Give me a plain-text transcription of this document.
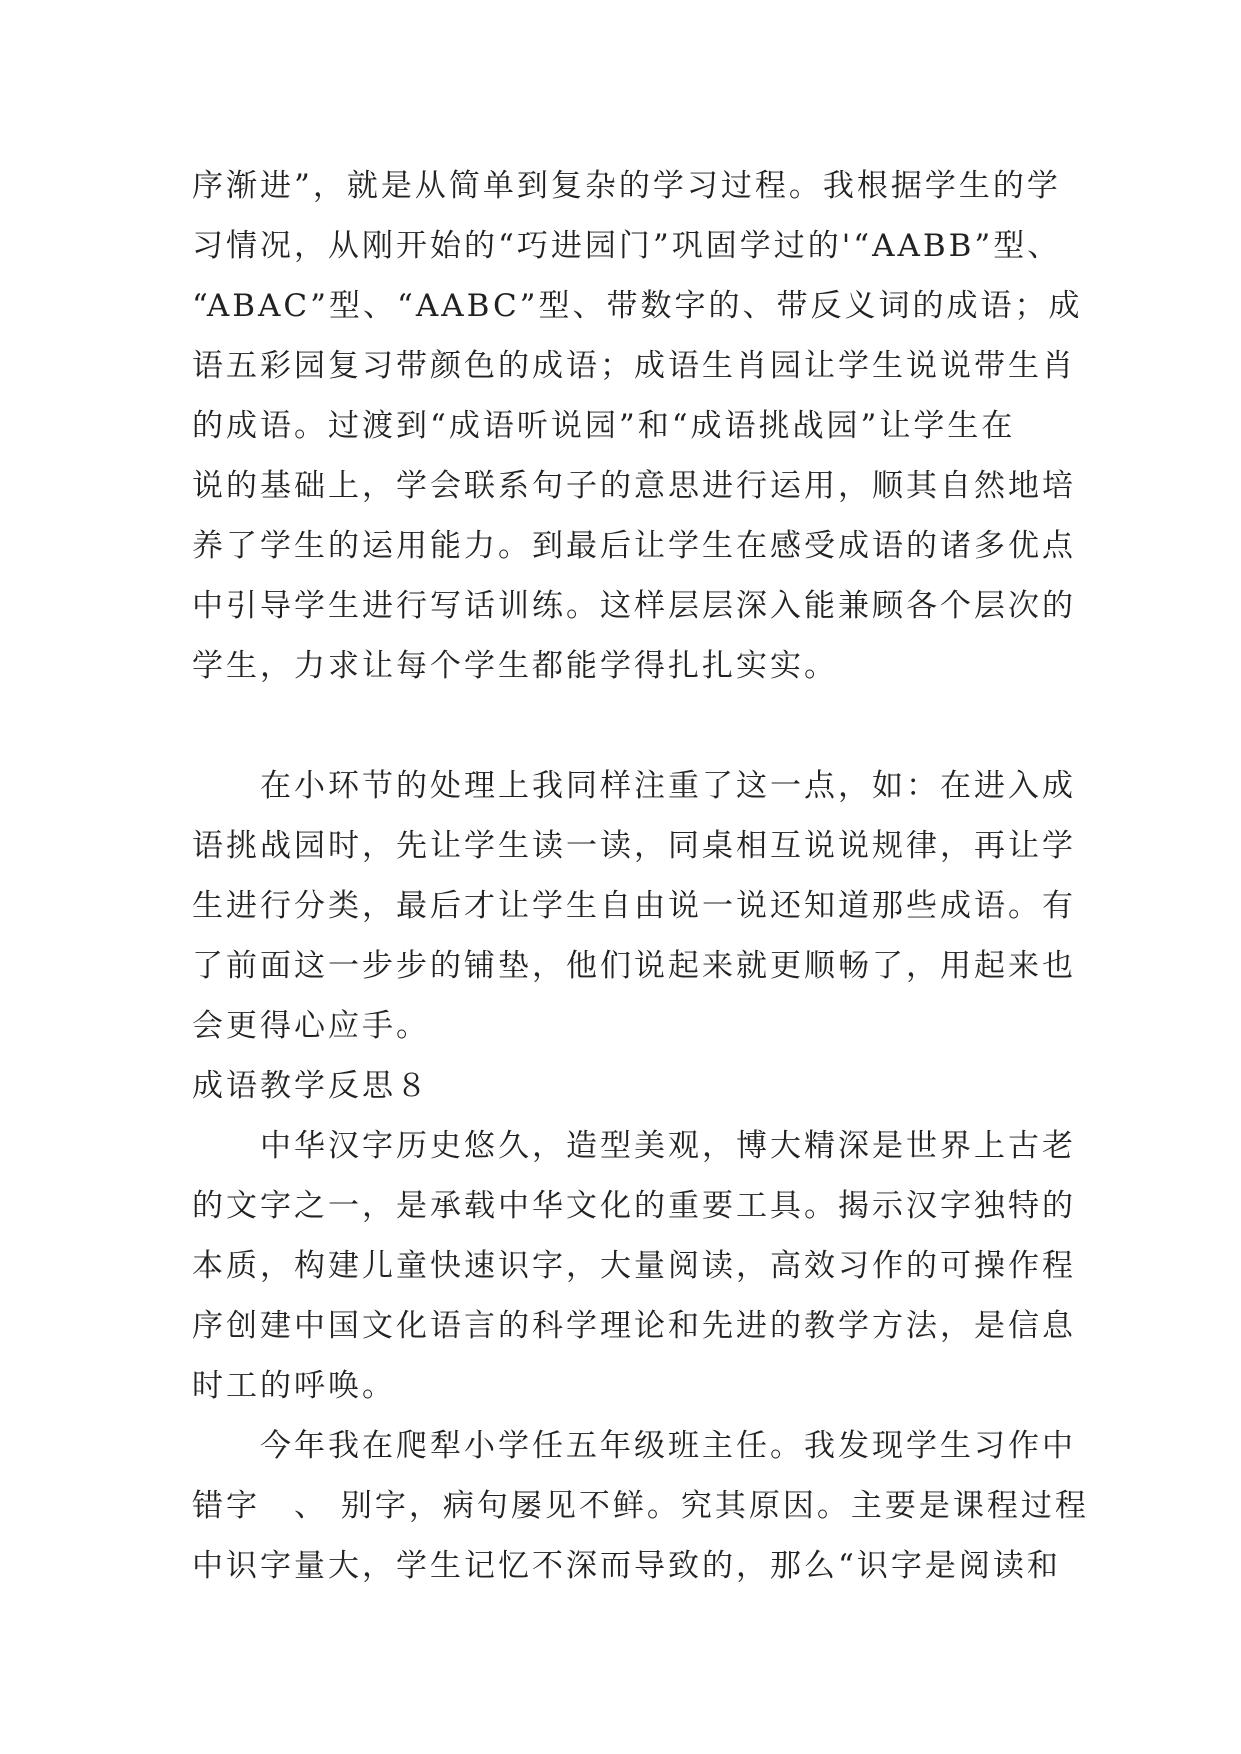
序渐进”，就是从简单到复杂的学习过程。我根据学生的学
习情况，从刚开始的“巧进园门”巩固学过的'“AABB”型、
“ABAC”型、“AABC”型、带数字的、带反义词的成语；成
语五彩园复习带颜色的成语；成语生肖园让学生说说带生肖
的成语。过渡到“成语听说园”和“成语挑战园”让学生在
说的基础上，学会联系句子的意思进行运用，顺其自然地培
养了学生的运用能力。到最后让学生在感受成语的诸多优点
中引导学生进行写话训练。这样层层深入能兼顾各个层次的
学生，力求让每个学生都能学得扎扎实实。
　　在小环节的处理上我同样注重了这一点，如：在进入成
语挑战园时，先让学生读一读，同桌相互说说规律，再让学
生进行分类，最后才让学生自由说一说还知道那些成语。有
了前面这一步步的铺垫，他们说起来就更顺畅了，用起来也
会更得心应手。
成语教学反思８
　　中华汉字历史悠久，造型美观，博大精深是世界上古老
的文字之一，是承载中华文化的重要工具。揭示汉字独特的
本质，构建儿童快速识字，大量阅读，高效习作的可操作程
序创建中国文化语言的科学理论和先进的教学方法，是信息
时工的呼唤。
　　今年我在爬犁小学任五年级班主任。我发现学生习作中
错字　、 别字，病句屡见不鲜。究其原因。主要是课程过程
中识字量大，学生记忆不深而导致的，那么“识字是阅读和
